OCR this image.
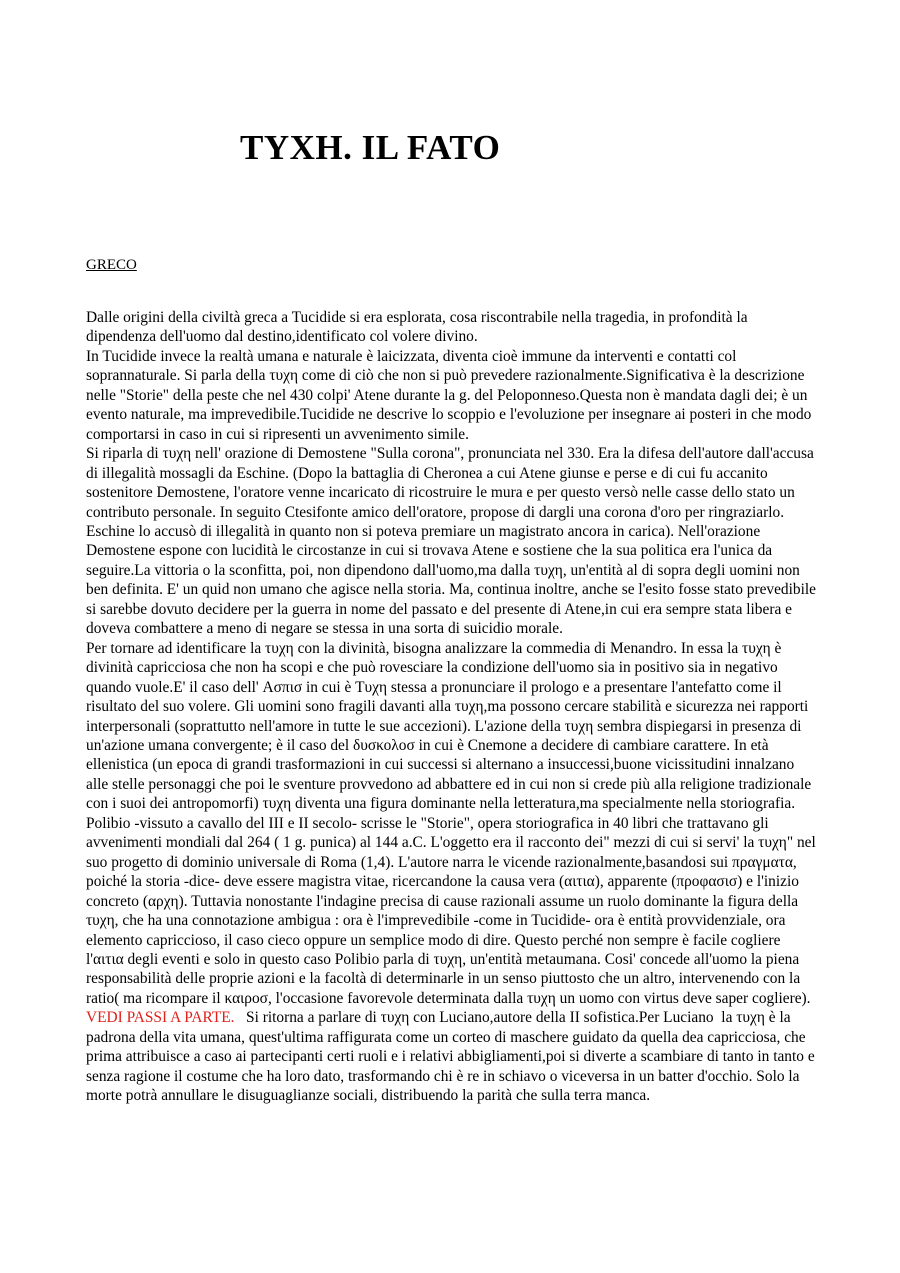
TYXH. IL FATO

GRECO

Dalle origini della civiltà greca a Tucidide si era esplorata, cosa riscontrabile nella tragedia, in profondità la dipendenza dell'uomo dal destino,identificato col volere divino.

In Tucidide invece la realtà umana e naturale è laicizzata, diventa cioè immune da interventi e contatti col soprannaturale. Si parla della τυχη come di ciò che non si può prevedere razionalmente.Significativa è la descrizione nelle "Storie" della peste che nel 430 colpi' Atene durante la g. del Peloponneso.Questa non è mandata dagli dei; è un evento naturale, ma imprevedibile.Tucidide ne descrive lo scoppio e l'evoluzione per insegnare ai posteri in che modo comportarsi in caso in cui si ripresenti un avvenimento simile.

Si riparla di τυχη nell' orazione di Demostene "Sulla corona", pronunciata nel 330. Era la difesa dell'autore dall'accusa di illegalità mossagli da Eschine. (Dopo la battaglia di Cheronea a cui Atene giunse e perse e di cui fu accanito sostenitore Demostene, l'oratore venne incaricato di ricostruire le mura e per questo versò nelle casse dello stato un contributo personale. In seguito Ctesifonte amico dell'oratore, propose di dargli una corona d'oro per ringraziarlo. Eschine lo accusò di illegalità in quanto non si poteva premiare un magistrato ancora in carica). Nell'orazione Demostene espone con lucidità le circostanze in cui si trovava Atene e sostiene che la sua politica era l'unica da seguire.La vittoria o la sconfitta, poi, non dipendono dall'uomo,ma dalla τυχη, un'entità al di sopra degli uomini non ben definita. E' un quid non umano che agisce nella storia. Ma, continua inoltre, anche se l'esito fosse stato prevedibile si sarebbe dovuto decidere per la guerra in nome del passato e del presente di Atene,in cui era sempre stata libera e doveva combattere a meno di negare se stessa in una sorta di suicidio morale.

Per tornare ad identificare la τυχη con la divinità, bisogna analizzare la commedia di Menandro. In essa la τυχη è divinità capricciosa che non ha scopi e che può rovesciare la condizione dell'uomo sia in positivo sia in negativo quando vuole.E' il caso dell' Ασπισ in cui è Τυχη stessa a pronunciare il prologo e a presentare l'antefatto come il risultato del suo volere. Gli uomini sono fragili davanti alla τυχη,ma possono cercare stabilità e sicurezza nei rapporti interpersonali (soprattutto nell'amore in tutte le sue accezioni). L'azione della τυχη sembra dispiegarsi in presenza di un'azione umana convergente; è il caso del δυσκολοσ in cui è Cnemone a decidere di cambiare carattere. In età ellenistica (un epoca di grandi trasformazioni in cui successi si alternano a insuccessi,buone vicissitudini innalzano alle stelle personaggi che poi le sventure provvedono ad abbattere ed in cui non si crede più alla religione tradizionale con i suoi dei antropomorfi) τυχη diventa una figura dominante nella letteratura,ma specialmente nella storiografia. Polibio -vissuto a cavallo del III e II secolo- scrisse le "Storie", opera storiografica in 40 libri che trattavano gli avvenimenti mondiali dal 264 ( 1 g. punica) al 144 a.C. L'oggetto era il racconto dei" mezzi di cui si servi' la τυχη" nel suo progetto di dominio universale di Roma (1,4). L'autore narra le vicende razionalmente,basandosi sui πραγματα, poiché la storia -dice- deve essere magistra vitae, ricercandone la causa vera (αιτια), apparente (προφασισ) e l'inizio concreto (αρχη). Tuttavia nonostante l'indagine precisa di cause razionali assume un ruolo dominante la figura della τυχη, che ha una connotazione ambigua : ora è l'imprevedibile -come in Tucidide- ora è entità provvidenziale, ora elemento capriccioso, il caso cieco oppure un semplice modo di dire. Questo perché non sempre è facile cogliere l'αιτια degli eventi e solo in questo caso Polibio parla di τυχη, un'entità metaumana. Cosi' concede all'uomo la piena responsabilità delle proprie azioni e la facoltà di determinarle in un senso piuttosto che un altro, intervenendo con la ratio( ma ricompare il καιροσ, l'occasione favorevole determinata dalla τυχη un uomo con virtus deve saper cogliere). VEDI PASSI A PARTE.   Si ritorna a parlare di τυχη con Luciano,autore della II sofistica.Per Luciano  la τυχη è la padrona della vita umana, quest'ultima raffigurata come un corteo di maschere guidato da quella dea capricciosa, che prima attribuisce a caso ai partecipanti certi ruoli e i relativi abbigliamenti,poi si diverte a scambiare di tanto in tanto e senza ragione il costume che ha loro dato, trasformando chi è re in schiavo o viceversa in un batter d'occhio. Solo la morte potrà annullare le disuguaglianze sociali, distribuendo la parità che sulla terra manca.
